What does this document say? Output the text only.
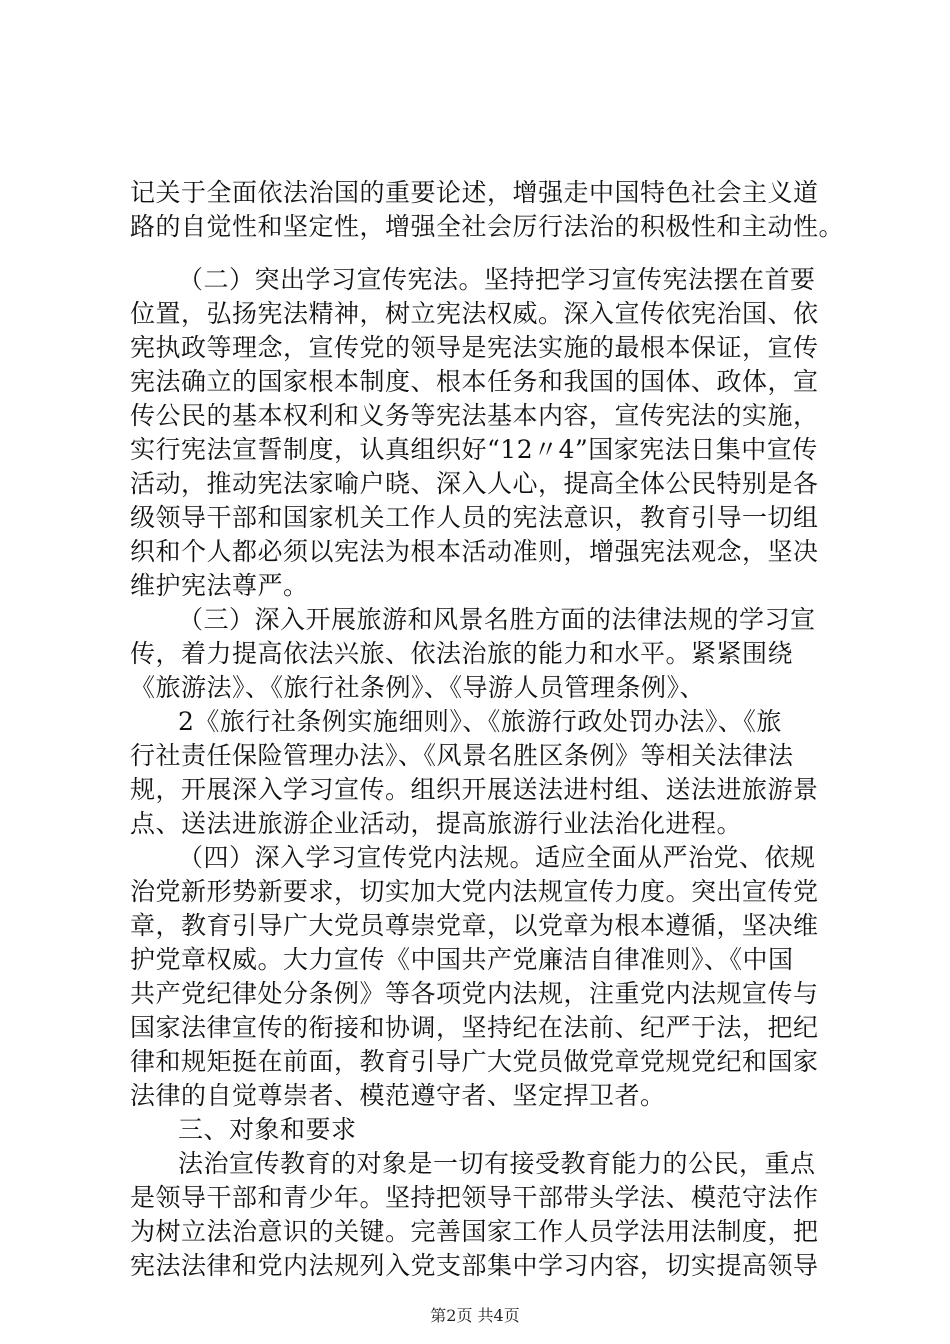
记关于全面依法治国的重要论述，增强走中国特色社会主义道
路的自觉性和坚定性，增强全社会厉行法治的积极性和主动性。
（二）突出学习宣传宪法。坚持把学习宣传宪法摆在首要
位置，弘扬宪法精神，树立宪法权威。深入宣传依宪治国、依
宪执政等理念，宣传党的领导是宪法实施的最根本保证，宣传
宪法确立的国家根本制度、根本任务和我国的国体、政体，宣
传公民的基本权利和义务等宪法基本内容，宣传宪法的实施，
实行宪法宣誓制度，认真组织好“12〃4”国家宪法日集中宣传
活动，推动宪法家喻户晓、深入人心，提高全体公民特别是各
级领导干部和国家机关工作人员的宪法意识，教育引导一切组
织和个人都必须以宪法为根本活动准则，增强宪法观念，坚决
维护宪法尊严。
（三）深入开展旅游和风景名胜方面的法律法规的学习宣
传，着力提高依法兴旅、依法治旅的能力和水平。紧紧围绕
《旅游法》、《旅行社条例》、《导游人员管理条例》、
2《旅行社条例实施细则》、《旅游行政处罚办法》、《旅
行社责任保险管理办法》、《风景名胜区条例》等相关法律法
规，开展深入学习宣传。组织开展送法进村组、送法进旅游景
点、送法进旅游企业活动，提高旅游行业法治化进程。
（四）深入学习宣传党内法规。适应全面从严治党、依规
治党新形势新要求，切实加大党内法规宣传力度。突出宣传党
章，教育引导广大党员尊崇党章，以党章为根本遵循，坚决维
护党章权威。大力宣传《中国共产党廉洁自律准则》、《中国
共产党纪律处分条例》等各项党内法规，注重党内法规宣传与
国家法律宣传的衔接和协调，坚持纪在法前、纪严于法，把纪
律和规矩挺在前面，教育引导广大党员做党章党规党纪和国家
法律的自觉尊崇者、模范遵守者、坚定捍卫者。
三、对象和要求
法治宣传教育的对象是一切有接受教育能力的公民，重点
是领导干部和青少年。坚持把领导干部带头学法、模范守法作
为树立法治意识的关键。完善国家工作人员学法用法制度，把
宪法法律和党内法规列入党支部集中学习内容，切实提高领导
第2页 共4页
